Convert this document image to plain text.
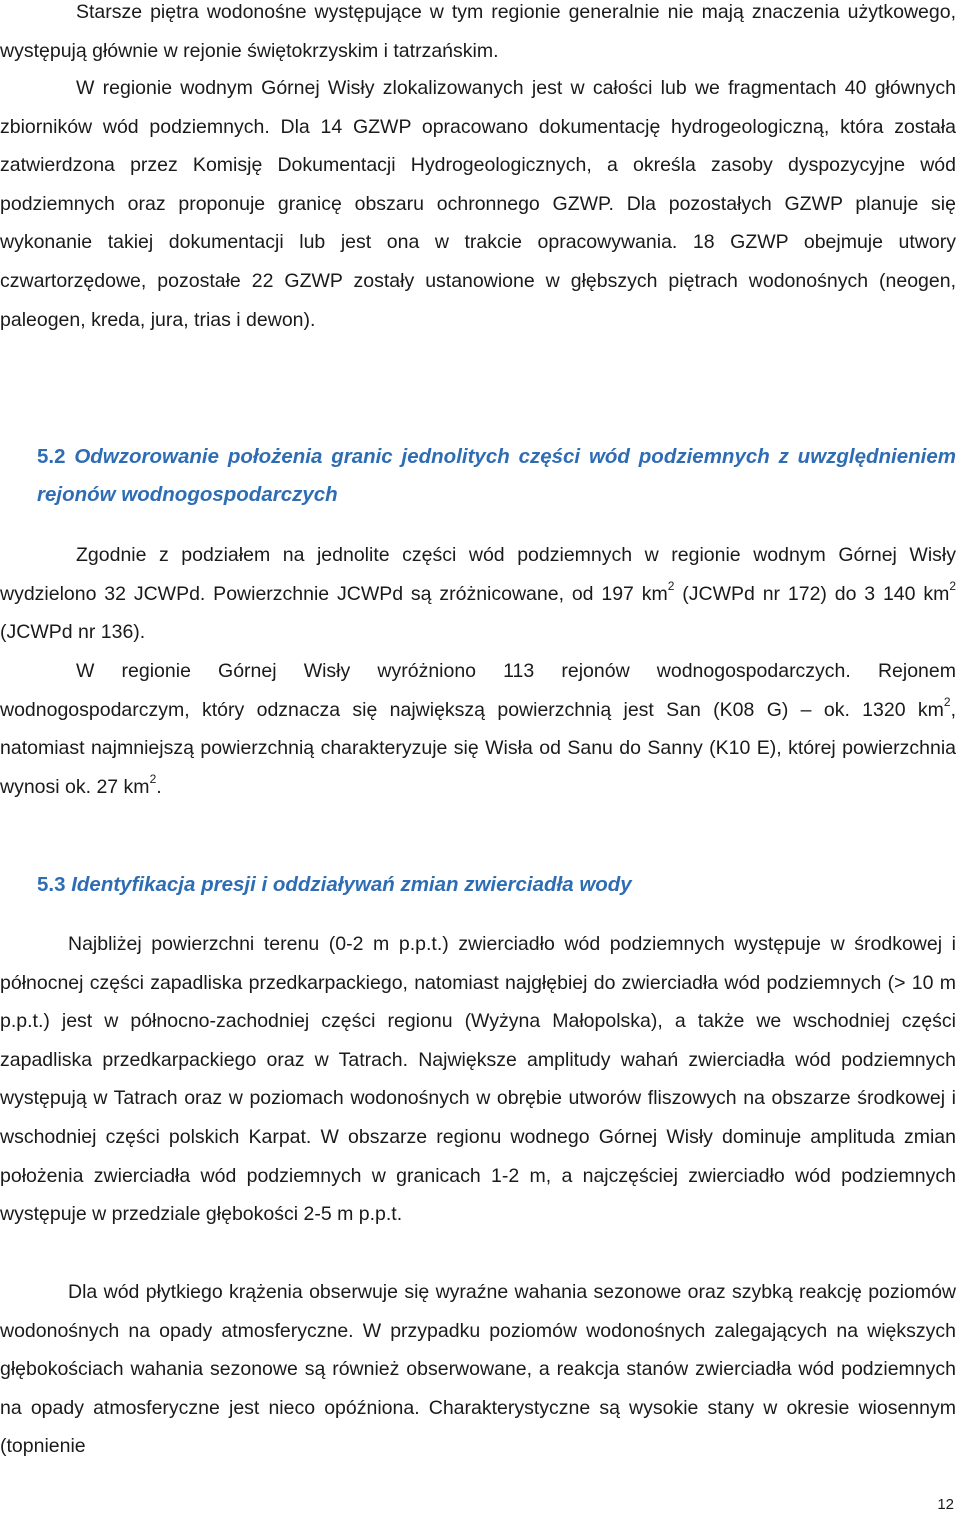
Starsze piętra wodonośne występujące w tym regionie generalnie nie mają znaczenia użytkowego, występują głównie w rejonie świętokrzyskim i tatrzańskim.

W regionie wodnym Górnej Wisły zlokalizowanych jest w całości lub we fragmentach 40 głównych zbiorników wód podziemnych. Dla 14 GZWP opracowano dokumentację hydrogeologiczną, która została zatwierdzona przez Komisję Dokumentacji Hydrogeologicznych, a określa zasoby dyspozycyjne wód podziemnych oraz proponuje granicę obszaru ochronnego GZWP. Dla pozostałych GZWP planuje się wykonanie takiej dokumentacji lub jest ona w trakcie opracowywania. 18 GZWP obejmuje utwory czwartorzędowe, pozostałe 22 GZWP zostały ustanowione w głębszych piętrach wodonośnych (neogen, paleogen, kreda, jura, trias i dewon).

5.2 Odwzorowanie położenia granic jednolitych części wód podziemnych z uwzględnieniem rejonów wodnogospodarczych

Zgodnie z podziałem na jednolite części wód podziemnych w regionie wodnym Górnej Wisły wydzielono 32 JCWPd. Powierzchnie JCWPd są zróżnicowane, od 197 $km^2$ (JCWPd nr 172) do 3 140 $km^2$ (JCWPd nr 136).

W regionie Górnej Wisły wyróżniono 113 rejonów wodnogospodarczych. Rejonem wodnogospodarczym, który odznacza się największą powierzchnią jest San (K08 G) – ok. 1320 $km^2$, natomiast najmniejszą powierzchnią charakteryzuje się Wisła od Sanu do Sanny (K10 E), której powierzchnia wynosi ok. 27 $km^2$.

5.3 Identyfikacja presji i oddziaływań zmian zwierciadła wody

Najbliżej powierzchni terenu (0-2 m p.p.t.) zwierciadło wód podziemnych występuje w środkowej i północnej części zapadliska przedkarpackiego, natomiast najgłębiej do zwierciadła wód podziemnych (> 10 m p.p.t.) jest w północno-zachodniej części regionu (Wyżyna Małopolska), a także we wschodniej części zapadliska przedkarpackiego oraz w Tatrach. Największe amplitudy wahań zwierciadła wód podziemnych występują w Tatrach oraz w poziomach wodonośnych w obrębie utworów fliszowych na obszarze środkowej i wschodniej części polskich Karpat. W obszarze regionu wodnego Górnej Wisły dominuje amplituda zmian położenia zwierciadła wód podziemnych w granicach 1-2 m, a najczęściej zwierciadło wód podziemnych występuje w przedziale głębokości 2-5 m p.p.t.

Dla wód płytkiego krążenia obserwuje się wyraźne wahania sezonowe oraz szybką reakcję poziomów wodonośnych na opady atmosferyczne. W przypadku poziomów wodonośnych zalegających na większych głębokościach wahania sezonowe są również obserwowane, a reakcja stanów zwierciadła wód podziemnych na opady atmosferyczne jest nieco opóźniona. Charakterystyczne są wysokie stany w okresie wiosennym (topnienie

12
